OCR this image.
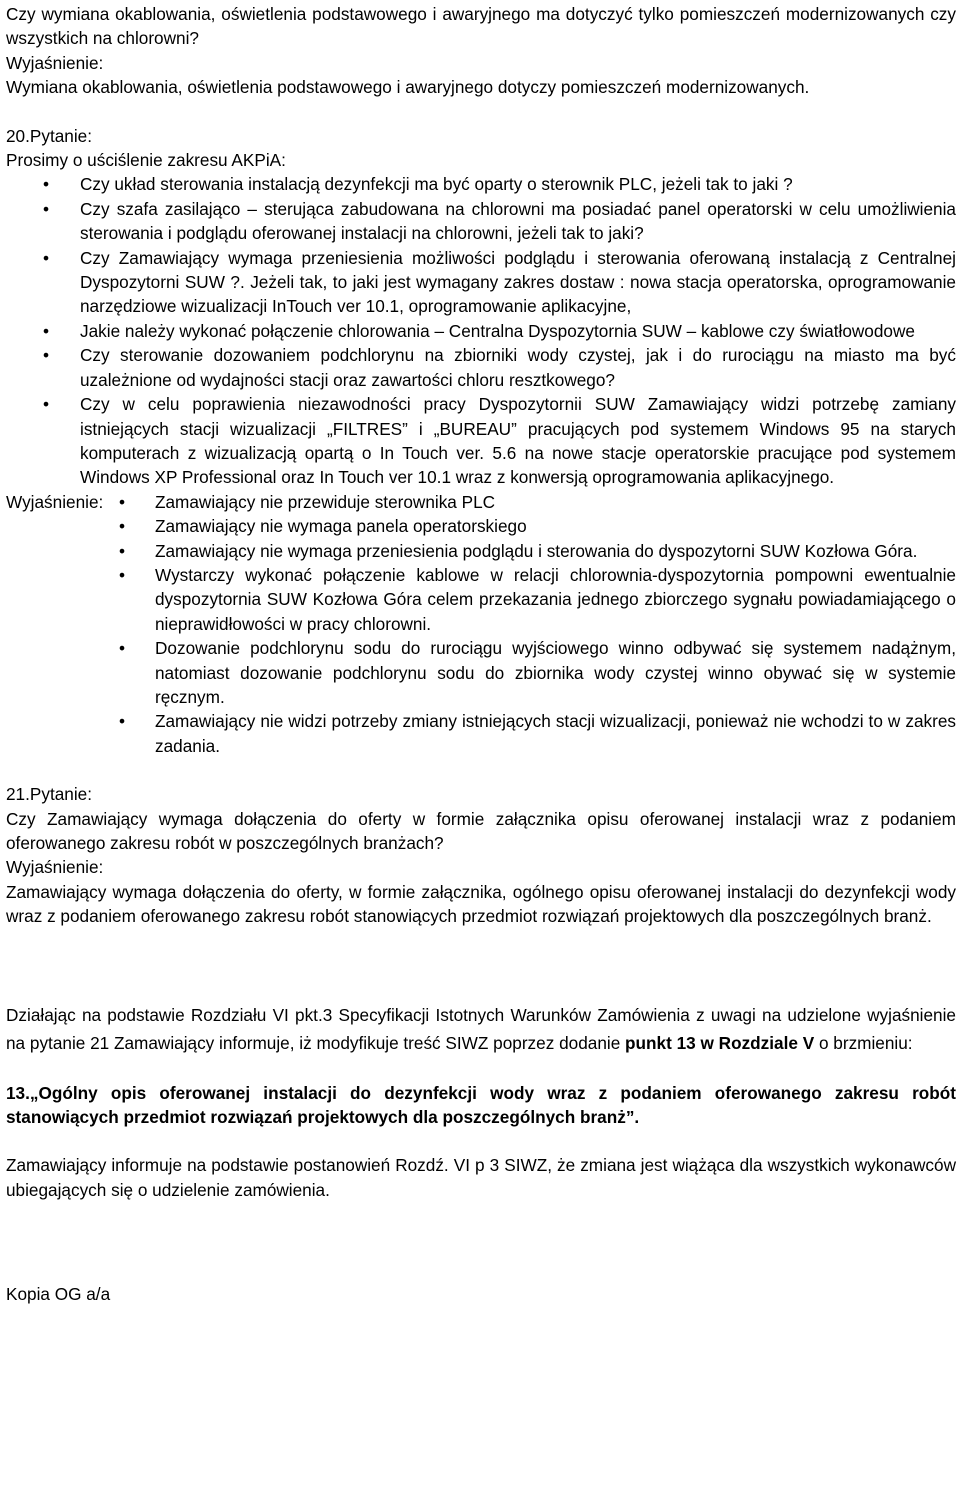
Czy wymiana okablowania, oświetlenia podstawowego i awaryjnego ma dotyczyć tylko pomieszczeń modernizowanych czy wszystkich na chlorowni?

Wyjaśnienie:

Wymiana okablowania, oświetlenia podstawowego i awaryjnego dotyczy pomieszczeń modernizowanych.

20.Pytanie:

Prosimy o uściślenie zakresu AKPiA:

• Czy układ sterowania instalacją dezynfekcji ma być oparty o sterownik PLC, jeżeli tak to jaki ?

• Czy szafa zasilająco – sterująca zabudowana na chlorowni ma posiadać panel operatorski w celu umożliwienia sterowania i podglądu oferowanej instalacji na chlorowni, jeżeli tak to jaki?

• Czy Zamawiający wymaga przeniesienia możliwości podglądu i sterowania oferowaną instalacją z Centralnej Dyspozytorni SUW ?. Jeżeli tak, to jaki jest wymagany zakres dostaw : nowa stacja operatorska, oprogramowanie narzędziowe wizualizacji InTouch ver 10.1, oprogramowanie aplikacyjne,

• Jakie należy wykonać połączenie chlorowania – Centralna Dyspozytornia SUW – kablowe czy światłowodowe

• Czy sterowanie dozowaniem podchlorynu na zbiorniki wody czystej, jak i do rurociągu na miasto ma być uzależnione od wydajności stacji oraz zawartości chloru resztkowego?

• Czy w celu poprawienia niezawodności pracy Dyspozytornii SUW Zamawiający widzi potrzebę zamiany istniejących stacji wizualizacji „FILTRES” i „BUREAU” pracujących pod systemem Windows 95 na starych komputerach z wizualizacją opartą o In Touch ver. 5.6 na nowe stacje operatorskie pracujące pod systemem Windows XP Professional oraz In Touch ver 10.1 wraz z konwersją oprogramowania aplikacyjnego.

Wyjaśnienie: • Zamawiający nie przewiduje sterownika PLC

• Zamawiający nie wymaga panela operatorskiego

• Zamawiający nie wymaga przeniesienia podglądu i sterowania do dyspozytorni SUW Kozłowa Góra.

• Wystarczy wykonać połączenie kablowe w relacji chlorownia-dyspozytornia pompowni ewentualnie dyspozytornia SUW Kozłowa Góra celem przekazania jednego zbiorczego sygnału powiadamiającego o nieprawidłowości w pracy chlorowni.

• Dozowanie podchlorynu sodu do rurociągu wyjściowego winno odbywać się systemem nadążnym, natomiast dozowanie podchlorynu sodu do zbiornika wody czystej winno obywać się w systemie ręcznym.

• Zamawiający nie widzi potrzeby zmiany istniejących stacji wizualizacji, ponieważ nie wchodzi to w zakres zadania.

21.Pytanie:

Czy Zamawiający wymaga dołączenia do oferty w formie załącznika opisu oferowanej instalacji wraz z podaniem oferowanego zakresu robót w poszczególnych branżach?

Wyjaśnienie:

Zamawiający wymaga dołączenia do oferty, w formie załącznika, ogólnego opisu oferowanej instalacji do dezynfekcji wody wraz z podaniem oferowanego zakresu robót stanowiących przedmiot rozwiązań projektowych dla poszczególnych branż.

Działając na podstawie Rozdziału VI pkt.3 Specyfikacji Istotnych Warunków Zamówienia z uwagi na udzielone wyjaśnienie na pytanie 21 Zamawiający informuje, iż modyfikuje treść SIWZ poprzez dodanie punkt 13 w Rozdziale V o brzmieniu:

13.„Ogólny opis oferowanej instalacji do dezynfekcji wody wraz z podaniem oferowanego zakresu robót stanowiących przedmiot rozwiązań projektowych dla poszczególnych branż”.

Zamawiający informuje na podstawie postanowień Rozdź. VI p 3 SIWZ, że zmiana jest wiążąca dla wszystkich wykonawców ubiegających się o udzielenie zamówienia.

Kopia OG a/a
